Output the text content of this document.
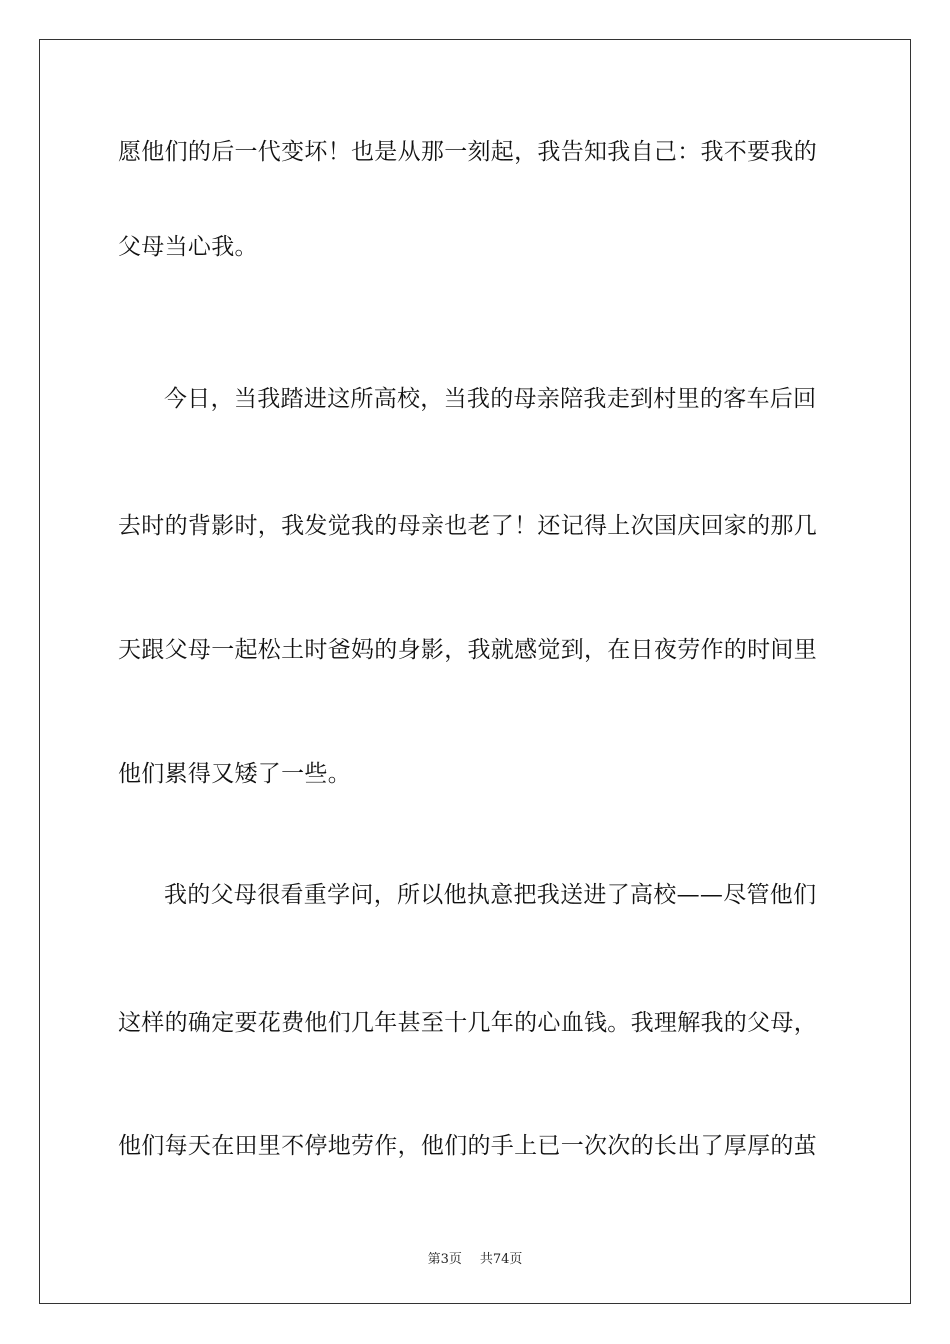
愿他们的后一代变坏！也是从那一刻起，我告知我自己：我不要我的
父母当心我。
今日，当我踏进这所高校，当我的母亲陪我走到村里的客车后回
去时的背影时，我发觉我的母亲也老了！还记得上次国庆回家的那几
天跟父母一起松土时爸妈的身影，我就感觉到，在日夜劳作的时间里
他们累得又矮了一些。
我的父母很看重学问，所以他执意把我送进了高校——尽管他们
这样的确定要花费他们几年甚至十几年的心血钱。我理解我的父母，
他们每天在田里不停地劳作，他们的手上已一次次的长出了厚厚的茧
第3页 共74页
